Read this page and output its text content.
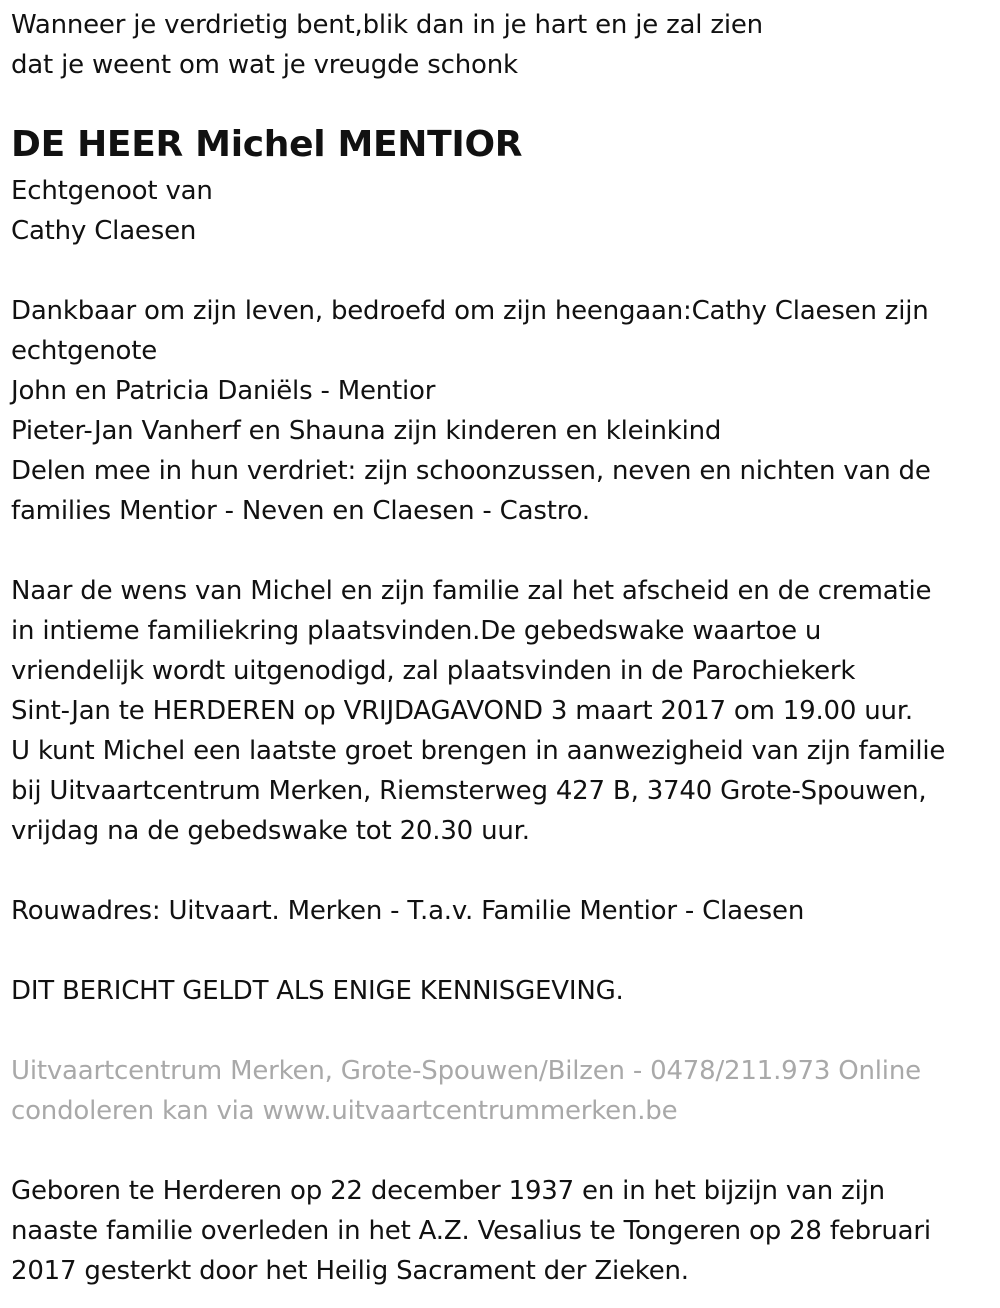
Wanneer je verdrietig bent,blik dan in je hart en je zal zien
dat je weent om wat je vreugde schonk
DE HEER Michel MENTIOR
Echtgenoot van
Cathy Claesen
Dankbaar om zijn leven, bedroefd om zijn heengaan:Cathy Claesen zijn
echtgenote
John en Patricia Daniëls - Mentior
Pieter-Jan Vanherf en Shauna zijn kinderen en kleinkind
Delen mee in hun verdriet: zijn schoonzussen, neven en nichten van de
families Mentior - Neven en Claesen - Castro.
Naar de wens van Michel en zijn familie zal het afscheid en de crematie
in intieme familiekring plaatsvinden.De gebedswake waartoe u
vriendelijk wordt uitgenodigd, zal plaatsvinden in de Parochiekerk
Sint-Jan te HERDEREN op VRIJDAGAVOND 3 maart 2017 om 19.00 uur.
U kunt Michel een laatste groet brengen in aanwezigheid van zijn familie
bij Uitvaartcentrum Merken, Riemsterweg 427 B, 3740 Grote-Spouwen,
vrijdag na de gebedswake tot 20.30 uur.
Rouwadres: Uitvaart. Merken - T.a.v. Familie Mentior - Claesen
DIT BERICHT GELDT ALS ENIGE KENNISGEVING.
Uitvaartcentrum Merken, Grote-Spouwen/Bilzen - 0478/211.973 Online
condoleren kan via www.uitvaartcentrummerken.be
Geboren te Herderen op 22 december 1937 en in het bijzijn van zijn
naaste familie overleden in het A.Z. Vesalius te Tongeren op 28 februari
2017 gesterkt door het Heilig Sacrament der Zieken.
